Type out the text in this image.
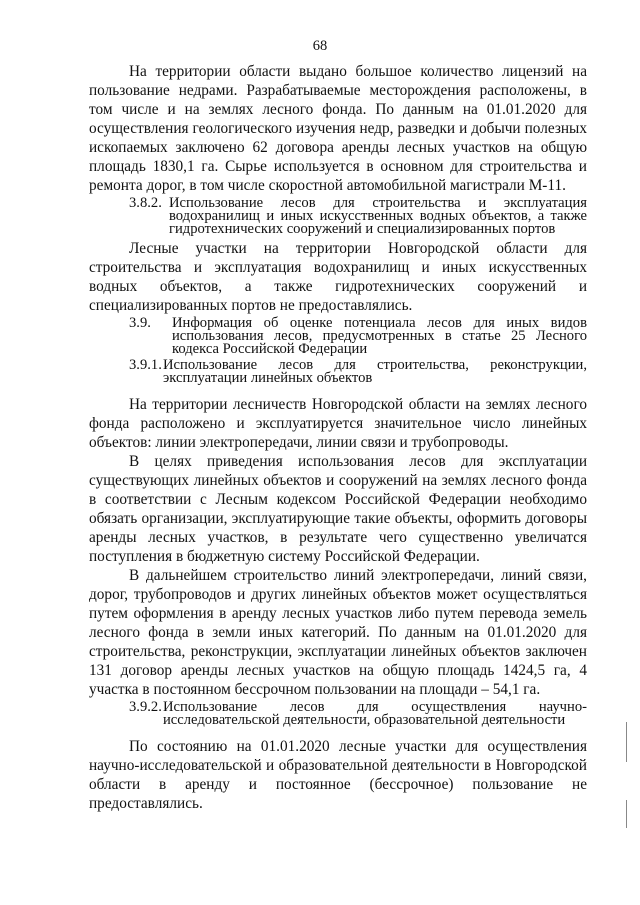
68

На территории области выдано большое количество лицензий на пользование недрами. Разрабатываемые месторождения расположены, в том числе и на землях лесного фонда. По данным на 01.01.2020 для осуществления геологического изучения недр, разведки и добычи полезных ископаемых заключено 62 договора аренды лесных участков на общую площадь 1830,1 га. Сырье используется в основном для строительства и ремонта дорог, в том числе скоростной автомобильной магистрали М-11.

3.8.2. Использование лесов для строительства и эксплуатация водохранилищ и иных искусственных водных объектов, а также гидротехнических сооружений и специализированных портов

Лесные участки на территории Новгородской области для строительства и эксплуатация водохранилищ и иных искусственных водных объектов, а также гидротехнических сооружений и специализированных портов не предоставлялись.

3.9.	Информация об оценке потенциала лесов для иных видов использования лесов, предусмотренных в статье 25 Лесного кодекса Российской Федерации
3.9.1. Использование лесов для строительства, реконструкции, эксплуатации линейных объектов

На территории лесничеств Новгородской области на землях лесного фонда расположено и эксплуатируется значительное число линейных объектов: линии электропередачи, линии связи и трубопроводы.

В целях приведения использования лесов для эксплуатации существующих линейных объектов и сооружений на землях лесного фонда в соответствии с Лесным кодексом Российской Федерации необходимо обязать организации, эксплуатирующие такие объекты, оформить договоры аренды лесных участков, в результате чего существенно увеличатся поступления в бюджетную систему Российской Федерации.

В дальнейшем строительство линий электропередачи, линий связи, дорог, трубопроводов и других линейных объектов может осуществляться путем оформления в аренду лесных участков либо путем перевода земель лесного фонда в земли иных категорий. По данным на 01.01.2020 для строительства, реконструкции, эксплуатации линейных объектов заключен 131 договор аренды лесных участков на общую площадь 1424,5 га, 4 участка в постоянном бессрочном пользовании на площади – 54,1 га.

3.9.2. Использование лесов для осуществления научно-исследовательской деятельности, образовательной деятельности

По состоянию на 01.01.2020 лесные участки для осуществления научно-исследовательской и образовательной деятельности в Новгородской области в аренду и постоянное (бессрочное) пользование не предоставлялись.
